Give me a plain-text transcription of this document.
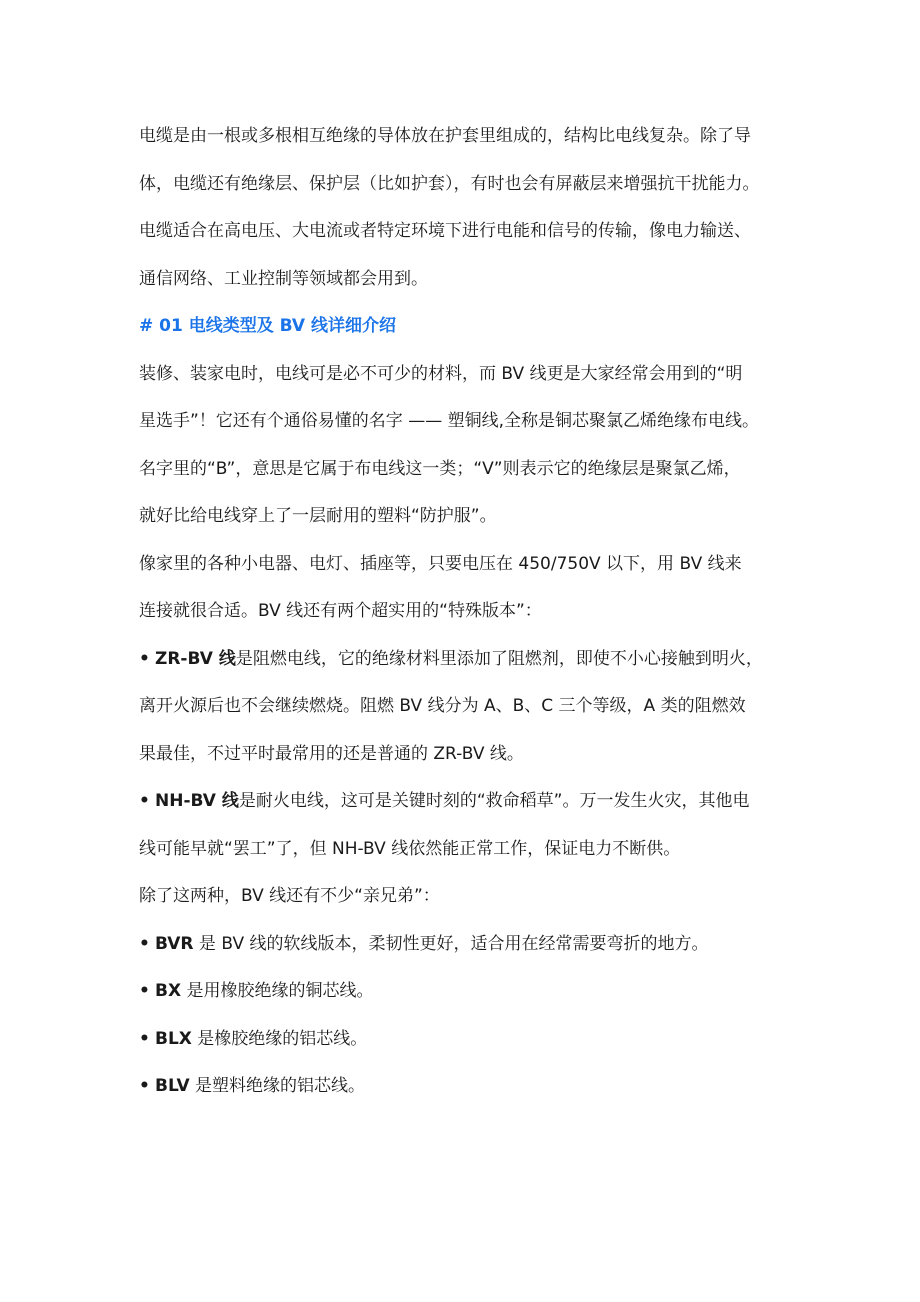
电缆是由一根或多根相互绝缘的导体放在护套里组成的，结构比电线复杂。除了导
体，电缆还有绝缘层、保护层（比如护套），有时也会有屏蔽层来增强抗干扰能力。
电缆适合在高电压、大电流或者特定环境下进行电能和信号的传输，像电力输送、
通信网络、工业控制等领域都会用到。
# 01 电线类型及 BV 线详细介绍
装修、装家电时，电线可是必不可少的材料，而 BV 线更是大家经常会用到的“明
星选手”！它还有个通俗易懂的名字 —— 塑铜线,全称是铜芯聚氯乙烯绝缘布电线。
名字里的“B”，意思是它属于布电线这一类；“V”则表示它的绝缘层是聚氯乙烯，
就好比给电线穿上了一层耐用的塑料“防护服”。
像家里的各种小电器、电灯、插座等，只要电压在 450/750V 以下，用 BV 线来
连接就很合适。BV 线还有两个超实用的“特殊版本”：
• ZR-BV 线是阻燃电线，它的绝缘材料里添加了阻燃剂，即使不小心接触到明火，
离开火源后也不会继续燃烧。阻燃 BV 线分为 A、B、C 三个等级，A 类的阻燃效
果最佳，不过平时最常用的还是普通的 ZR-BV 线。
• NH-BV 线是耐火电线，这可是关键时刻的“救命稻草”。万一发生火灾，其他电
线可能早就“罢工”了，但 NH-BV 线依然能正常工作，保证电力不断供。
除了这两种，BV 线还有不少“亲兄弟”：
• BVR 是 BV 线的软线版本，柔韧性更好，适合用在经常需要弯折的地方。
• BX 是用橡胶绝缘的铜芯线。
• BLX 是橡胶绝缘的铝芯线。
• BLV 是塑料绝缘的铝芯线。
